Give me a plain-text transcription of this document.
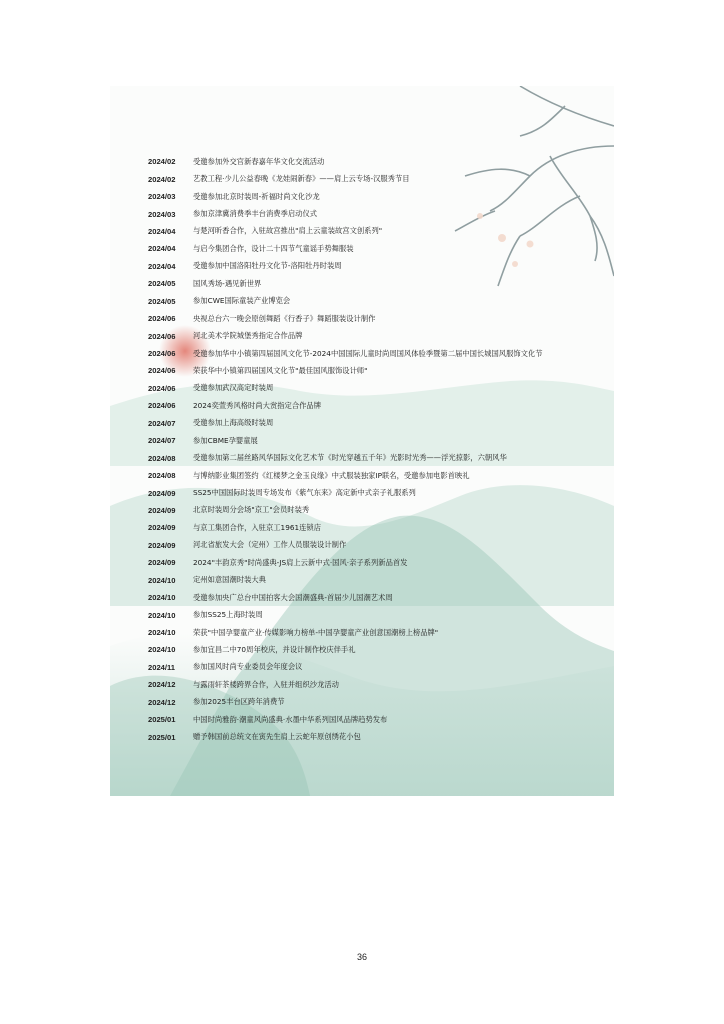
2024/02	受邀参加外交官新春嘉年华文化交流活动
2024/02	艺教工程·少儿公益春晚《龙娃闹新春》——肩上云专场-汉服秀节目
2024/03	受邀参加北京时装周-祈福时尚文化沙龙
2024/03	参加京津冀消费季丰台消费季启动仪式
2024/04	与楚河昕香合作，入驻故宫推出"肩上云童装故宫文创系列"
2024/04	与启今集团合作，设计二十四节气童谣手势舞服装
2024/04	受邀参加中国洛阳牡丹文化节-洛阳牡丹时装周
2024/05	国风秀场-遇见新世界
2024/05	参加CWE国际童装产业博览会
2024/06	央视总台六一晚会原创舞蹈《行香子》舞蹈服装设计制作
2024/06	河北美术学院城堡秀指定合作品牌
2024/06	受邀参加华中小镇第四届国风文化节-2024中国国际儿童时尚周国风体验季暨第二届中国长城国风服饰文化节
2024/06	荣获华中小镇第四届国风文化节"最佳国风服饰设计师"
2024/06	受邀参加武汉高定时装周
2024/06	2024奕萱秀风格时尚大赏指定合作品牌
2024/07	受邀参加上海高级时装周
2024/07	参加CBME孕婴童展
2024/08	受邀参加第二届丝路风华国际文化艺术节《时光穿越五千年》光影时光秀——浮光掠影，六朝风华
2024/08	与博纳影业集团签约《红楼梦之金玉良缘》中式服装独家IP联名，受邀参加电影首映礼
2024/09	SS25中国国际时装周专场发布《紫气东来》高定新中式亲子礼服系列
2024/09	北京时装周分会场"京工"会员时装秀
2024/09	与京工集团合作，入驻京工1961连锁店
2024/09	河北省旅发大会（定州）工作人员服装设计制作
2024/09	2024"丰韵京秀"时尚盛典-JS肩上云新中式·国风·亲子系列新品首发
2024/10	定州如意国潮时装大典
2024/10	受邀参加央广总台中国拍客大会国潮盛典-首届少儿国潮艺术周
2024/10	参加SS25上海时装周
2024/10	荣获"中国孕婴童产业·传媒影响力榜单-中国孕婴童产业创意国潮榜上榜品牌"
2024/10	参加宜昌二中70周年校庆，并设计制作校庆伴手礼
2024/11	参加国风时尚专业委员会年度会议
2024/12	与露雨轩茶楼跨界合作，入驻并组织沙龙活动
2024/12	参加2025丰台区跨年消费节
2025/01	中国时尚雅韵·潮童风尚盛典·水墨中华系列国风品牌趋势发布
2025/01	赠予韩国前总统文在寅先生肩上云蛇年原创绣花小包
36
